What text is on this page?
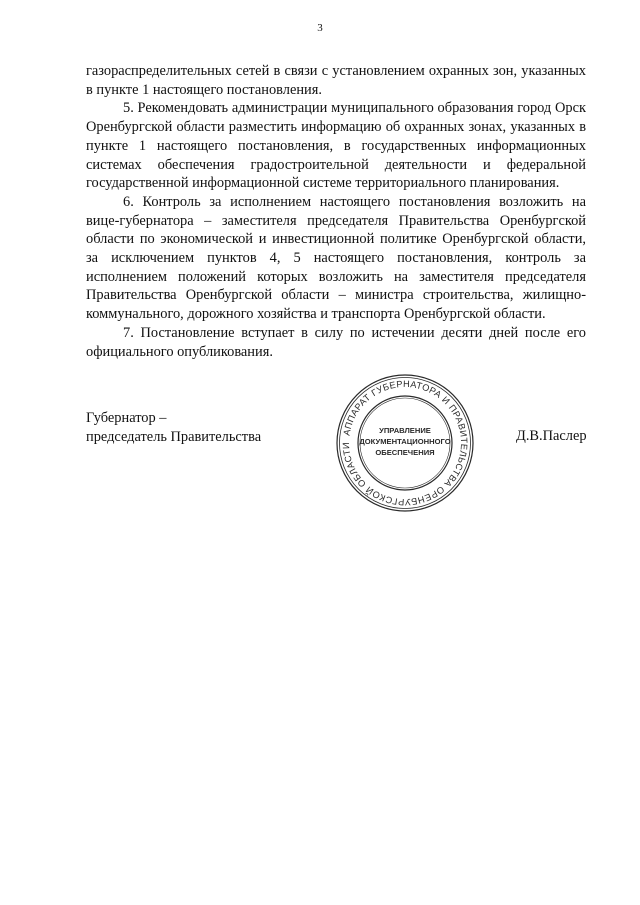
3

газораспределительных сетей в связи с установлением охранных зон, указанных в пункте 1 настоящего постановления.

5. Рекомендовать администрации муниципального образования город Орск Оренбургской области разместить информацию об охранных зонах, указанных в пункте 1 настоящего постановления, в государственных информационных системах обеспечения градостроительной деятельности и федеральной государственной информационной системе территориального планирования.

6. Контроль за исполнением настоящего постановления возложить на вице-губернатора – заместителя председателя Правительства Оренбургской области по экономической и инвестиционной политике Оренбургской области, за исключением пунктов 4, 5 настоящего постановления, контроль за исполнением положений которых возложить на заместителя председателя Правительства Оренбургской области – министра строительства, жилищно-коммунального, дорожного хозяйства и транспорта Оренбургской области.

7. Постановление вступает в силу по истечении десяти дней после его официального опубликования.

Губернатор –
председатель Правительства	Д.В.Паслер
АППАРАТ ГУБЕРНАТОРА И ПРАВИТЕЛЬСТВА ОРЕНБУРГСКОЙ ОБЛАСТИ
УПРАВЛЕНИЕ
ДОКУМЕНТАЦИОННОГО
ОБЕСПЕЧЕНИЯ
